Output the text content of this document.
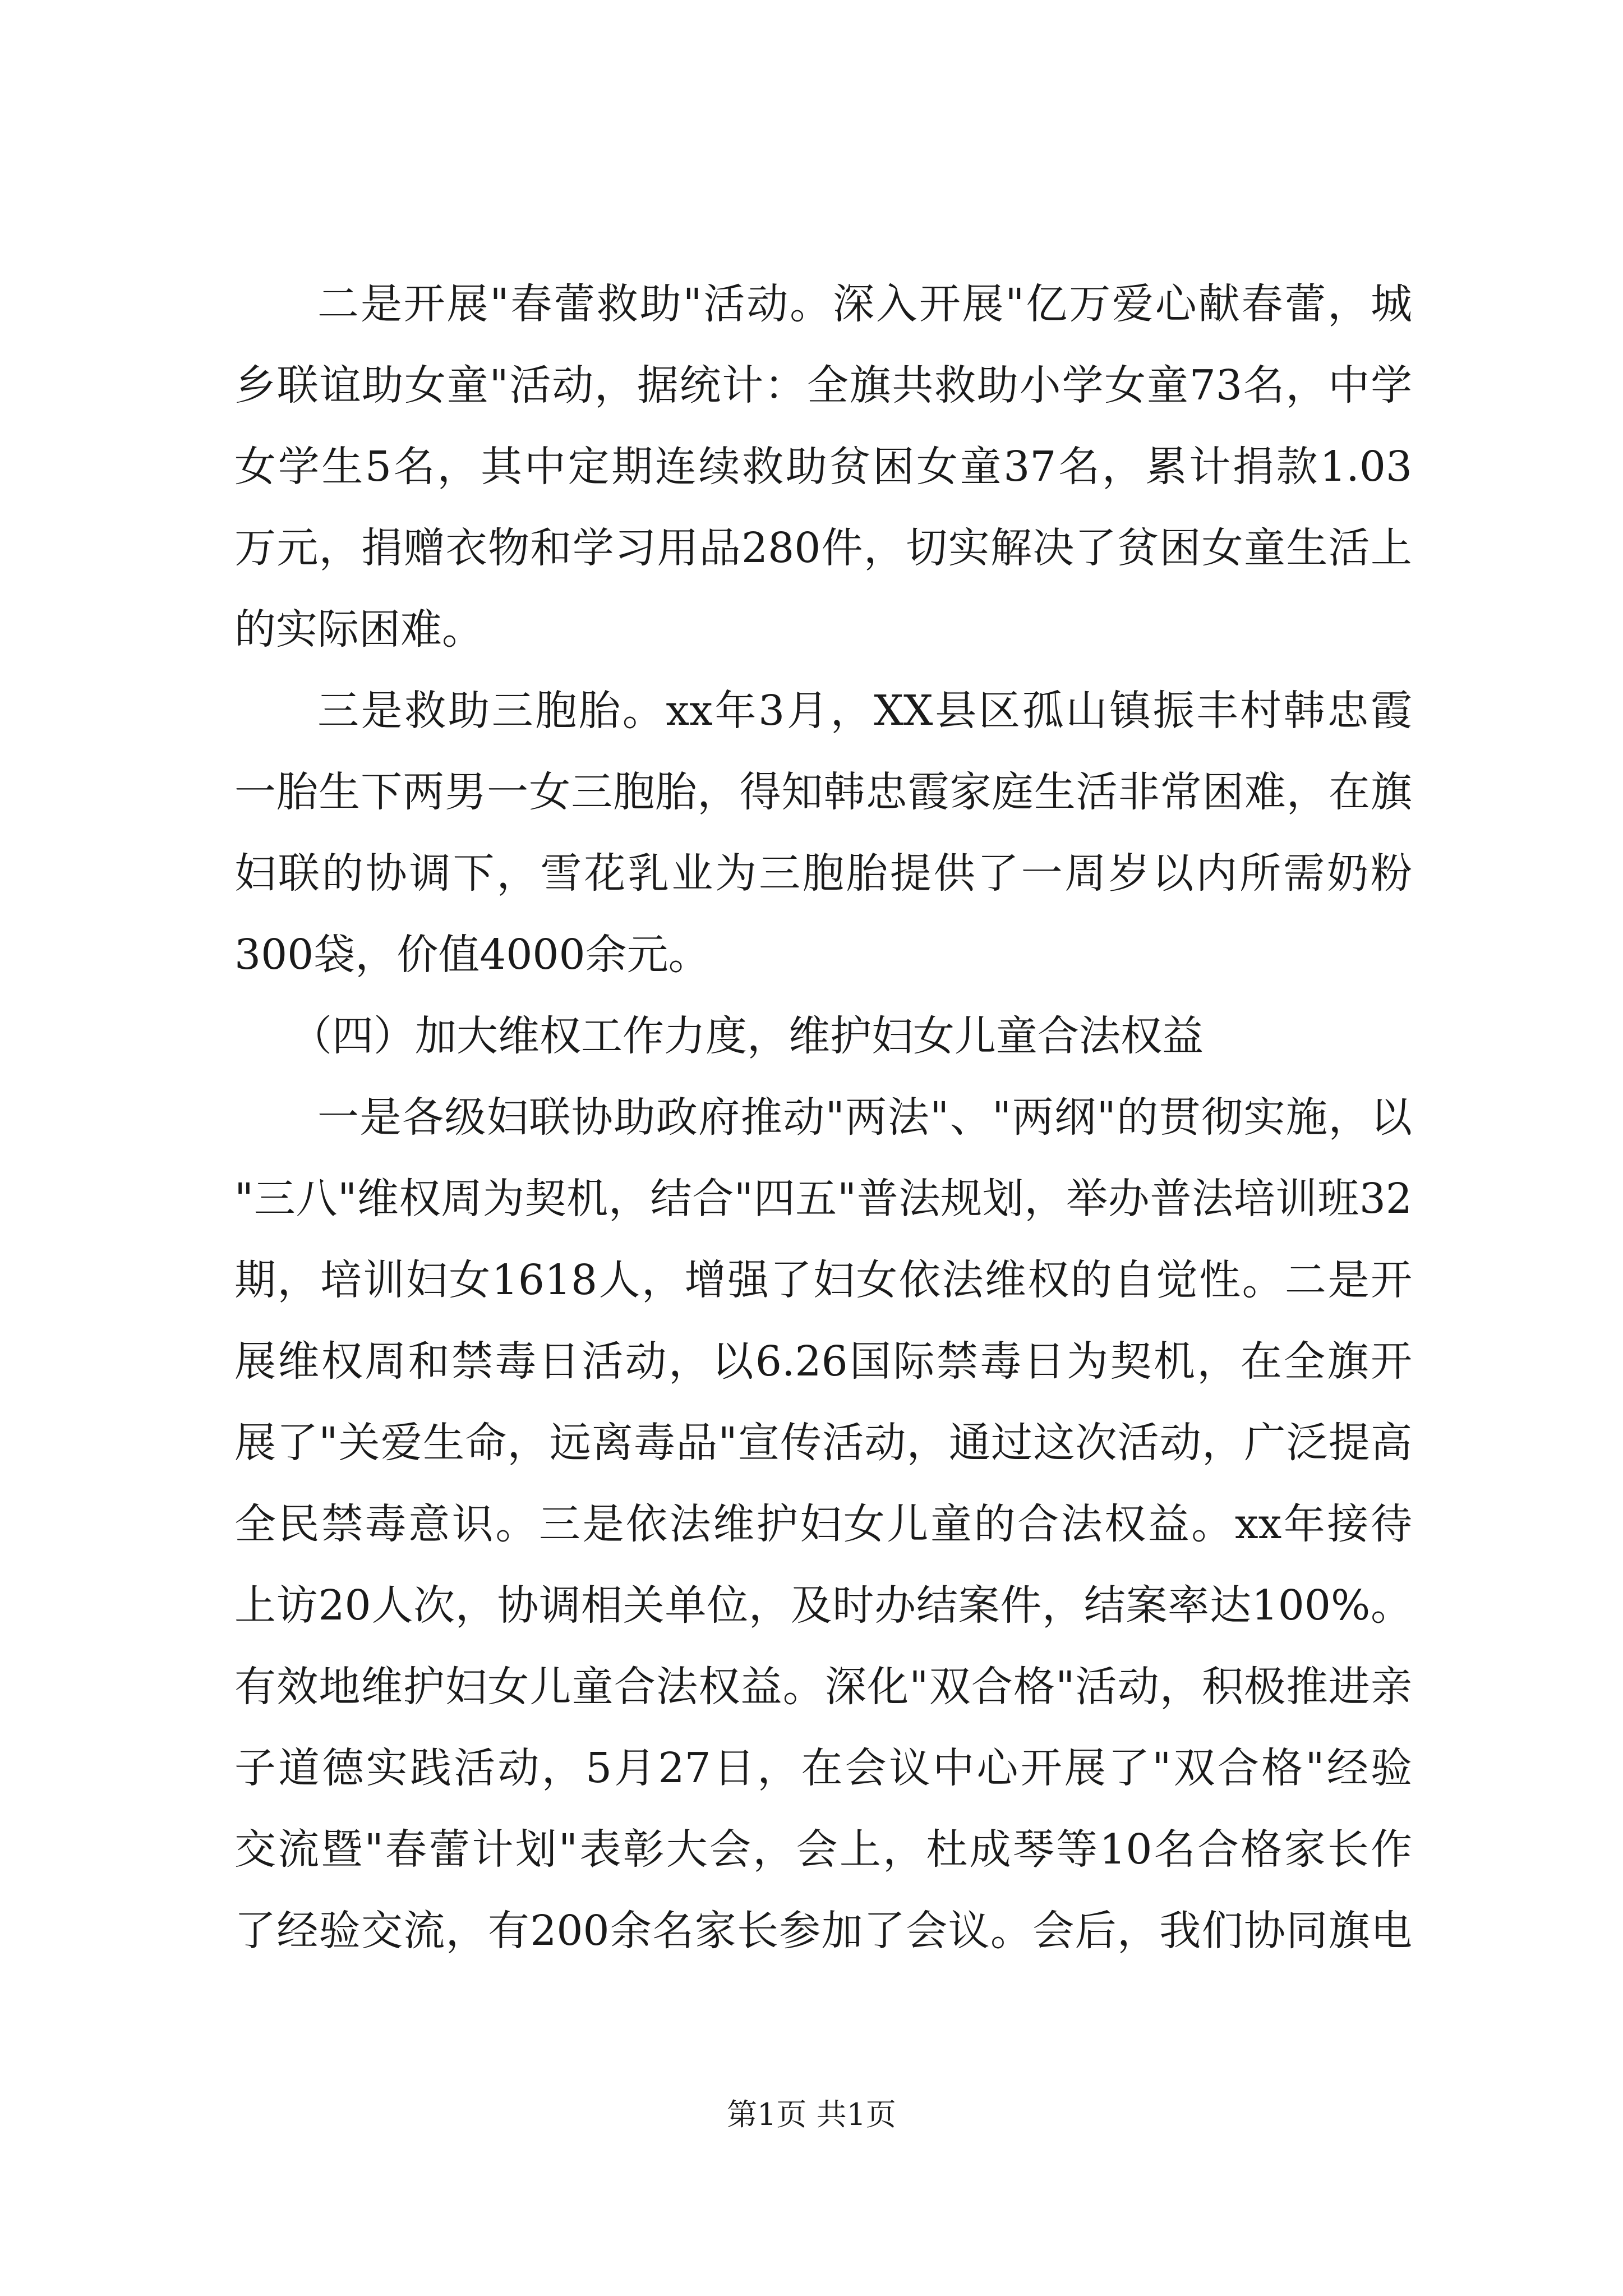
二是开展"春蕾救助"活动。深入开展"亿万爱心献春蕾，城
乡联谊助女童"活动，据统计：全旗共救助小学女童73名，中学
女学生5名，其中定期连续救助贫困女童37名，累计捐款1.03
万元，捐赠衣物和学习用品280件，切实解决了贫困女童生活上
的实际困难。
三是救助三胞胎。xx年3月，XX县区孤山镇振丰村韩忠霞
一胎生下两男一女三胞胎，得知韩忠霞家庭生活非常困难，在旗
妇联的协调下，雪花乳业为三胞胎提供了一周岁以内所需奶粉
300袋，价值4000余元。
（四）加大维权工作力度，维护妇女儿童合法权益
一是各级妇联协助政府推动"两法"、"两纲"的贯彻实施，以
"三八"维权周为契机，结合"四五"普法规划，举办普法培训班32
期，培训妇女1618人，增强了妇女依法维权的自觉性。二是开
展维权周和禁毒日活动，以6.26国际禁毒日为契机，在全旗开
展了"关爱生命，远离毒品"宣传活动，通过这次活动，广泛提高
全民禁毒意识。三是依法维护妇女儿童的合法权益。xx年接待
上访20人次，协调相关单位，及时办结案件，结案率达100%。
有效地维护妇女儿童合法权益。深化"双合格"活动，积极推进亲
子道德实践活动，5月27日，在会议中心开展了"双合格"经验
交流暨"春蕾计划"表彰大会，会上，杜成琴等10名合格家长作
了经验交流，有200余名家长参加了会议。会后，我们协同旗电
第1页 共1页
